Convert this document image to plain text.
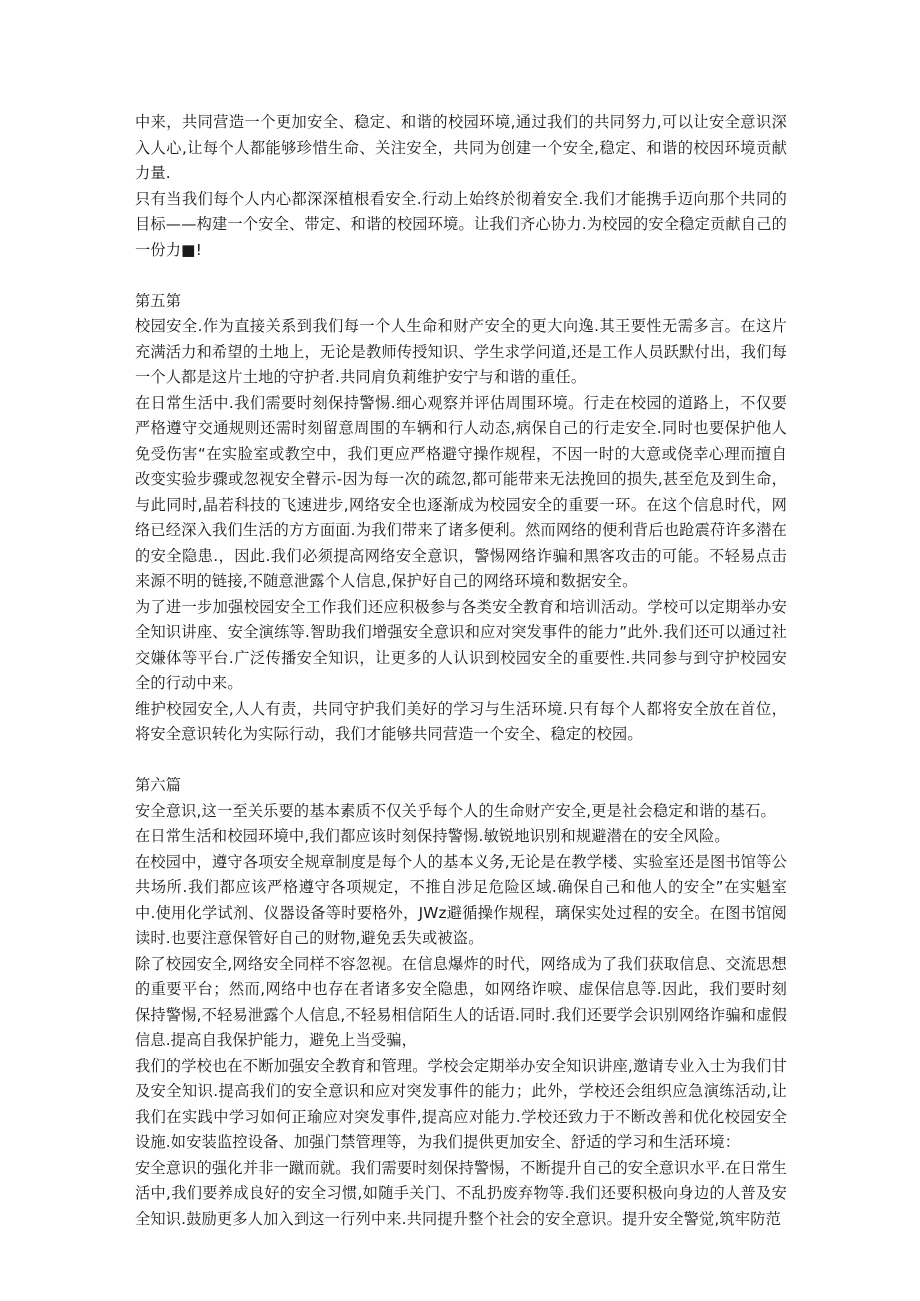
中来，共同营造一个更加安全、稳定、和谐的校园环境,通过我们的共同努力,可以让安全意识深入人心,让每个人都能够珍惜生命、关注安全，共同为创建一个安全,稳定、和谐的校因环境贡献力量.

只有当我们每个人内心都深深植根看安全.行动上始终於彻着安全.我们才能携手迈向那个共同的目标——构建一个安全、带定、和谐的校园环境。让我们齐心协力.为校园的安全稳定贡献自己的一份力■!

第五第

校园安全.作为直接关系到我们每一个人生命和财产安全的更大向逸.其王要性无需多言。在这片充满活力和希望的土地上，无论是教师传授知识、学生求学问道,还是工作人员跃默付出，我们每一个人都是这片土地的守护者.共同肩负莉维护安宁与和谐的重任。

在日常生活中.我们需要时刻保持警惕.细心观察并评估周围环境。行走在校园的道路上，不仅要严格遵守交通规则还需时刻留意周围的车辆和行人动态,病保自己的行走安全.同时也要保护他人免受伤害“在实脸室或教空中，我们更应严格避守操作规程，不因一时的大意或侥幸心理而擅自改变实验步骤或忽视安全瞽示-因为每一次的疏忽,都可能带来无法挽回的损失,甚至危及到生命，与此同时,晶若科技的飞速进步,网络安全也逐渐成为校园安全的重要一环。在这个信息时代，网络已经深入我们生活的方方面面.为我们带来了诸多便利。然而网络的便利背后也跄震苻许多潜在的安全隐患.，因此.我们必须提高网络安全意识，警惕网络诈骗和黑客攻击的可能。不轻易点击来源不明的链接,不随意泄露个人信息,保护好自己的网络环境和数据安全。

为了进一步加强校园安全工作我们还应积极参与各类安全教育和培训活动。学校可以定期举办安全知识讲座、安全演练等.智助我们增强安全意识和应对突发事件的能力”此外.我们还可以通过社交嫌体等平台.广泛传播安全知识，让更多的人认识到校园安全的重要性.共同参与到守护校园安全的行动中来。

维护校园安全,人人有责，共同守护我们美好的学习与生活环境.只有每个人都将安全放在首位，将安全意识转化为实际行动，我们才能够共同营造一个安全、稳定的校园。

第六篇

安全意识,这一至关乐要的基本素质不仅关乎每个人的生命财产安全,更是社会稳定和谐的基石。

在日常生活和校园环境中,我们都应该时刻保持警惕.敏锐地识别和规避潜在的安全风险。

在校园中，遵守各项安全规章制度是每个人的基本义务,无论是在教学楼、实验室还是图书馆等公共场所.我们都应该严格遵守各项规定，不推自涉足危险区域.确保自己和他人的安全”在实魁室中.使用化学试剂、仪器设备等时要格外，JWz避循操作规程，璃保实处过程的安全。在图书馆阅读时.也要注意保管好自己的财物,避免丢失或被盗。

除了校园安全,网络安全同样不容忽视。在信息爆炸的时代，网络成为了我们获取信息、交流思想的重要平台；然而,网络中也存在者诸多安全隐患，如网络诈唳、虚保信息等.因此，我们要时刻保持警惕,不轻易泄露个人信息,不轻易相信陌生人的话语.同时.我们还要学会识别网络诈骗和虚假信息.提高自我保护能力，避免上当受骗，

我们的学校也在不断加强安全教育和管理。学校会定期举办安全知识讲座,邀请专业入士为我们甘及安全知识.提高我们的安全意识和应对突发事件的能力；此外，学校还会组织应急演练活动,让我们在实践中学习如何正瑜应对突发事件,提高应对能力.学校还致力于不断改善和优化校园安全设施.如安装监控设备、加强门禁管理等，为我们提供更加安全、舒适的学习和生活环境：

安全意识的强化并非一蹴而就。我们需要时刻保持警惕，不断提升自己的安全意识水平.在日常生活中,我们要养成良好的安全习惯,如随手关门、不乱扔废弃物等.我们还要积极向身边的人普及安全知识.鼓励更多人加入到这一行列中来.共同提升整个社会的安全意识。提升安全警觉,筑牢防范
